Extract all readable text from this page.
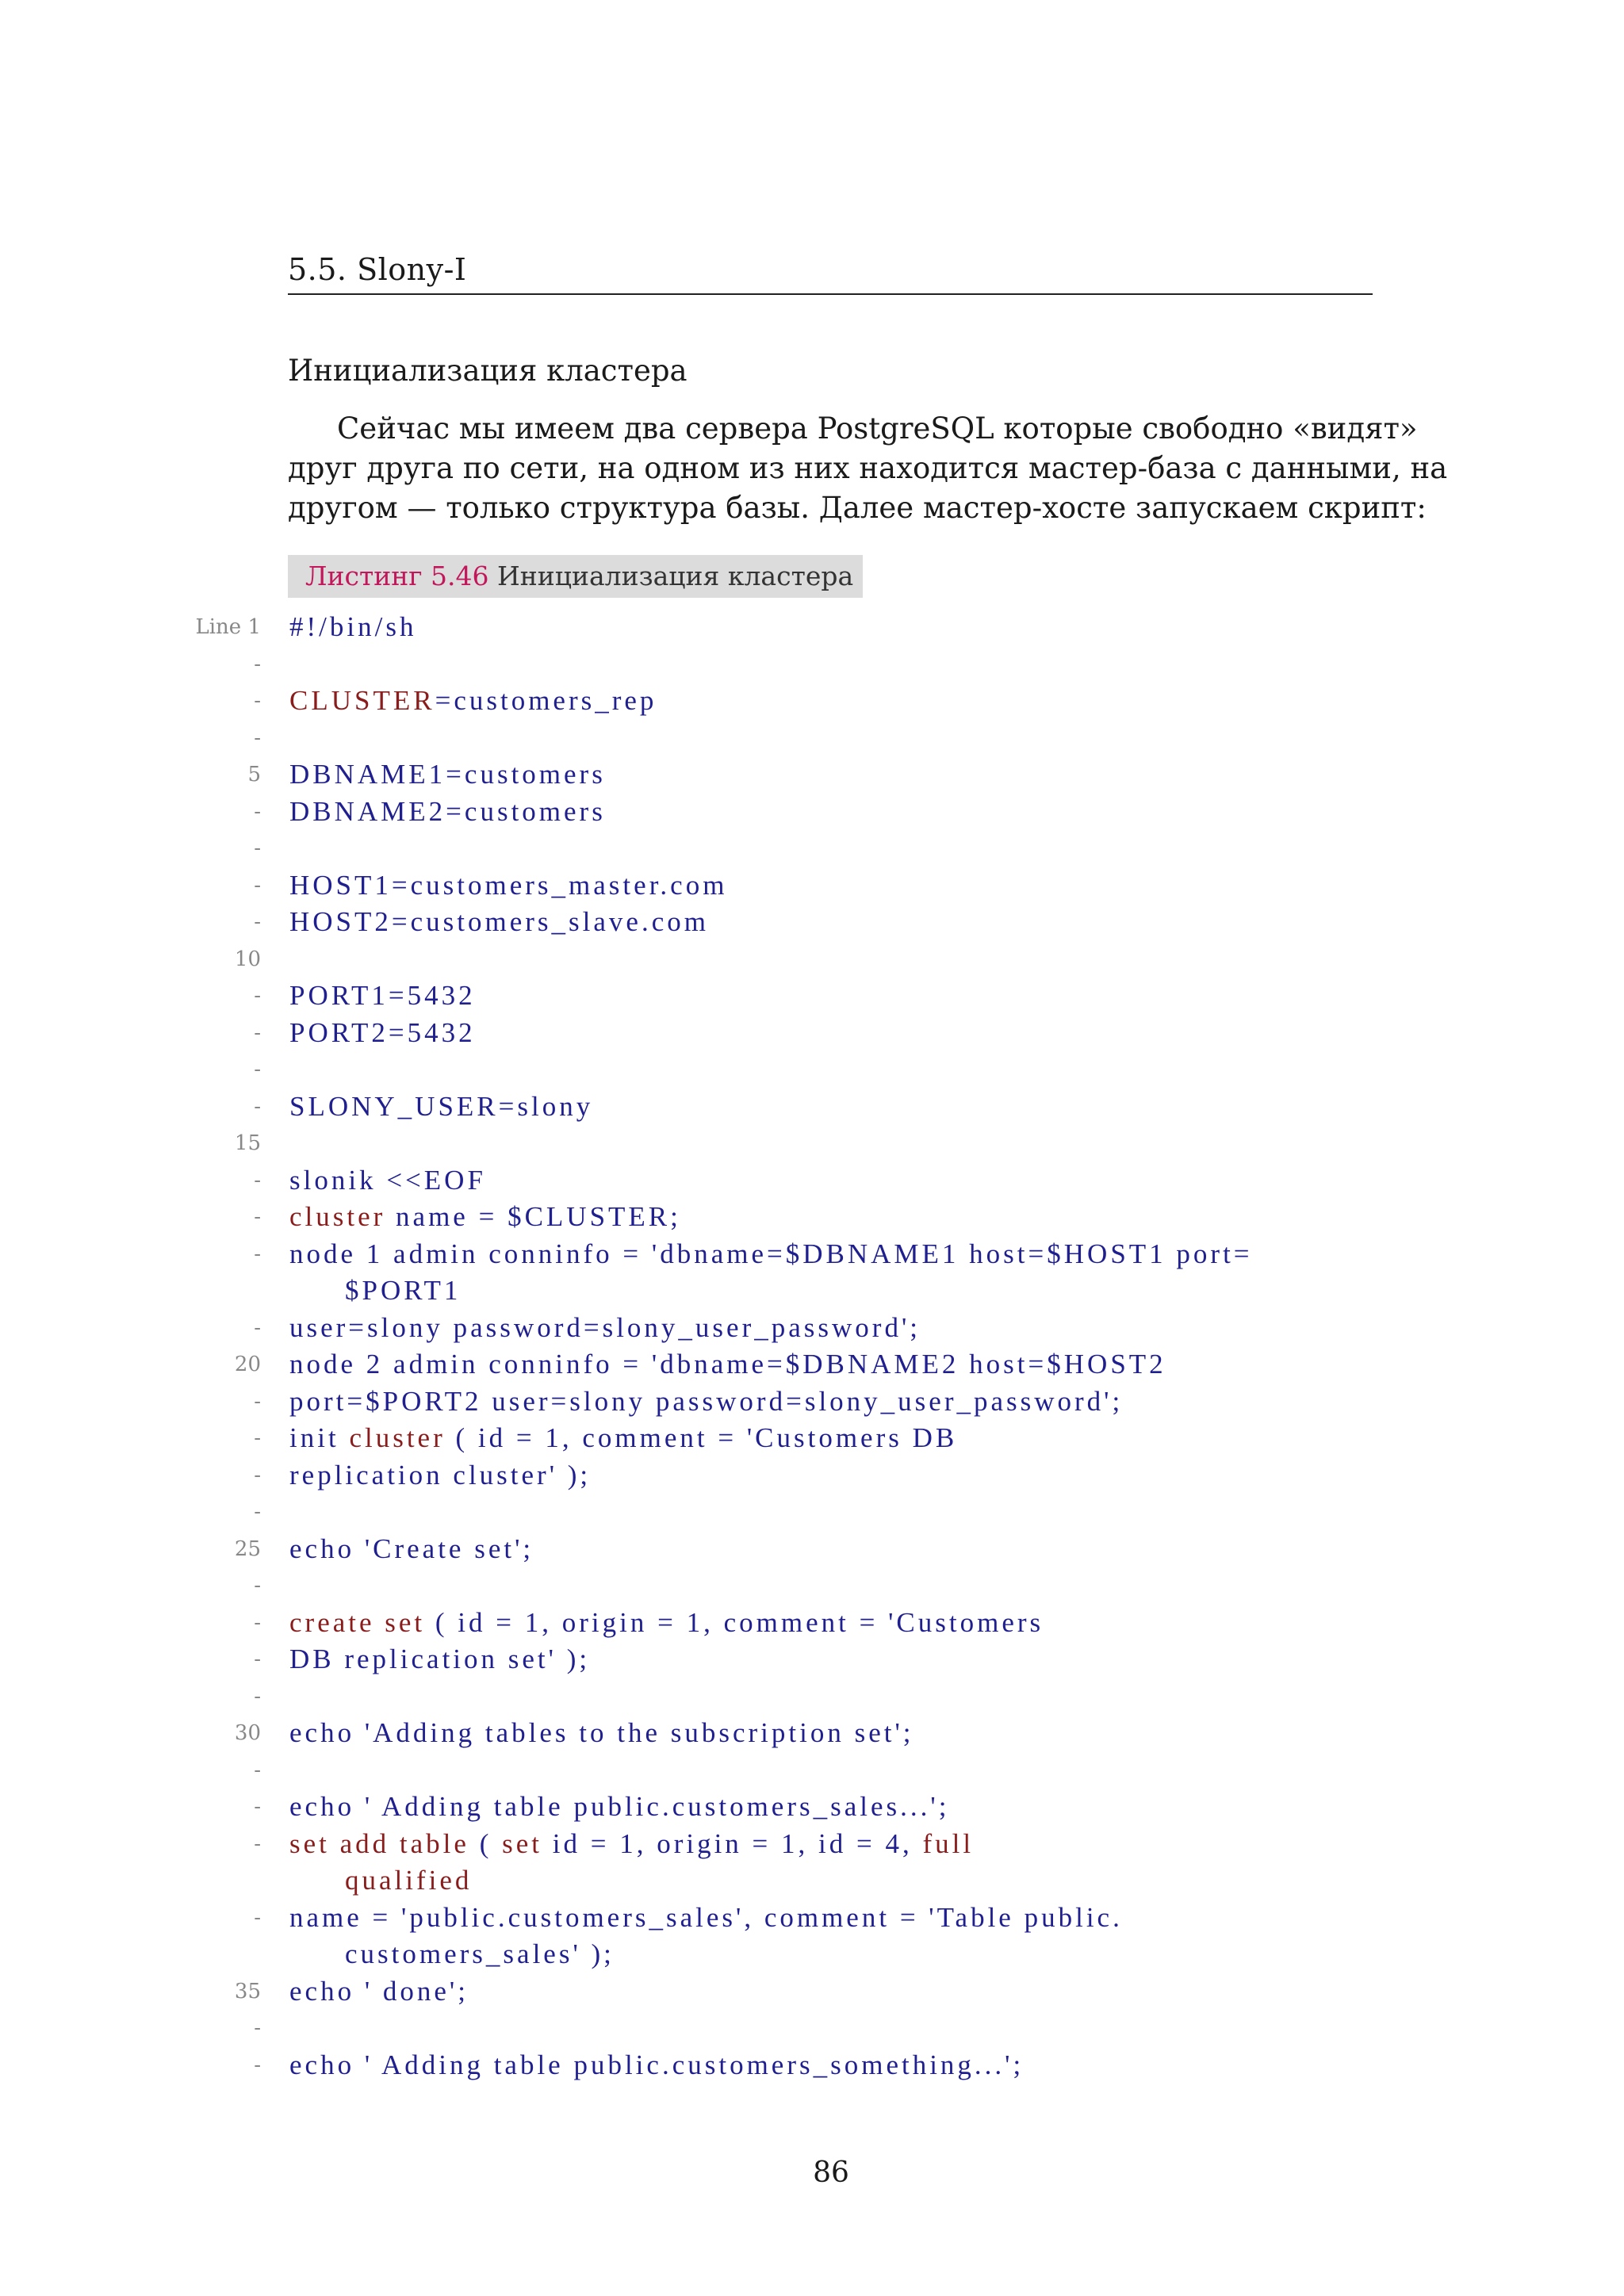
5.5. Slony-I
Инициализация кластера
Сейчас мы имеем два сервера PostgreSQL которые свободно «видят»
друг друга по сети, на одном из них находится мастер-база с данными, на
другом — только структура базы. Далее мастер-хосте запускаем скрипт:
Листинг 5.46 Инициализация кластера
Line 1 #!/bin/sh
-
- CLUSTER=customers_rep
-
5 DBNAME1=customers
- DBNAME2=customers
-
- HOST1=customers_master.com
- HOST2=customers_slave.com
10
- PORT1=5432
- PORT2=5432
-
- SLONY_USER=slony
15
- slonik <<EOF
- cluster name = $CLUSTER;
- node 1 admin conninfo = 'dbname=$DBNAME1 host=$HOST1 port=
$PORT1
- user=slony password=slony_user_password';
20 node 2 admin conninfo = 'dbname=$DBNAME2 host=$HOST2
- port=$PORT2 user=slony password=slony_user_password';
- init cluster ( id = 1, comment = 'Customers DB
- replication cluster' );
-
25 echo 'Create set';
-
- create set ( id = 1, origin = 1, comment = 'Customers
- DB replication set' );
-
30 echo 'Adding tables to the subscription set';
-
- echo ' Adding table public.customers_sales...';
- set add table ( set id = 1, origin = 1, id = 4, full
qualified
- name = 'public.customers_sales', comment = 'Table public.
customers_sales' );
35 echo ' done';
-
- echo ' Adding table public.customers_something...';
86
